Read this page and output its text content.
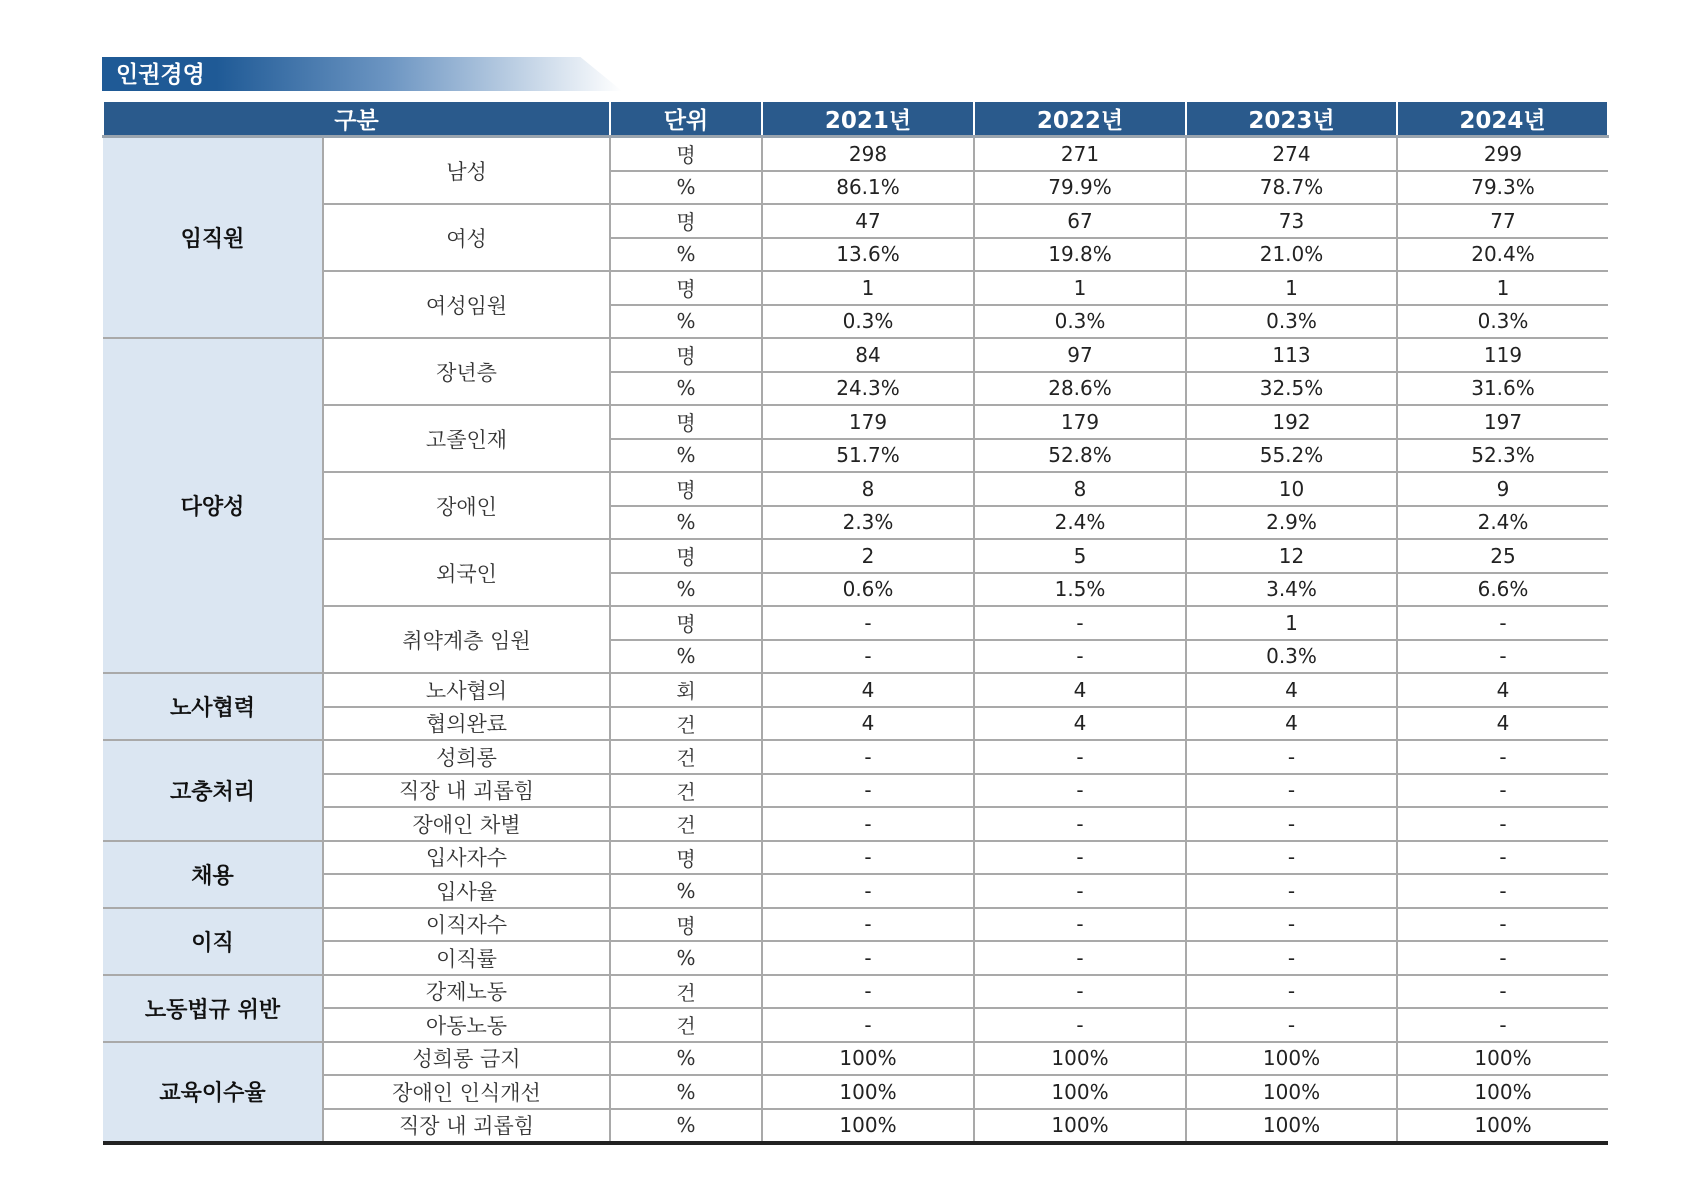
인권경영
구분		단위	2021년	2022년	2023년	2024년
임직원	남성	명	298	271	274	299
		%	86.1%	79.9%	78.7%	79.3%
	여성	명	47	67	73	77
		%	13.6%	19.8%	21.0%	20.4%
	여성임원	명	1	1	1	1
		%	0.3%	0.3%	0.3%	0.3%
다양성	장년층	명	84	97	113	119
		%	24.3%	28.6%	32.5%	31.6%
	고졸인재	명	179	179	192	197
		%	51.7%	52.8%	55.2%	52.3%
	장애인	명	8	8	10	9
		%	2.3%	2.4%	2.9%	2.4%
	외국인	명	2	5	12	25
		%	0.6%	1.5%	3.4%	6.6%
	취약계층 임원	명	-	-	1	-
		%	-	-	0.3%	-
노사협력	노사협의	회	4	4	4	4
	협의완료	건	4	4	4	4
고충처리	성희롱	건	-	-	-	-
	직장 내 괴롭힘	건	-	-	-	-
	장애인 차별	건	-	-	-	-
채용	입사자수	명	-	-	-	-
	입사율	%	-	-	-	-
이직	이직자수	명	-	-	-	-
	이직률	%	-	-	-	-
노동법규 위반	강제노동	건	-	-	-	-
	아동노동	건	-	-	-	-
교육이수율	성희롱 금지	%	100%	100%	100%	100%
	장애인 인식개선	%	100%	100%	100%	100%
	직장 내 괴롭힘	%	100%	100%	100%	100%
